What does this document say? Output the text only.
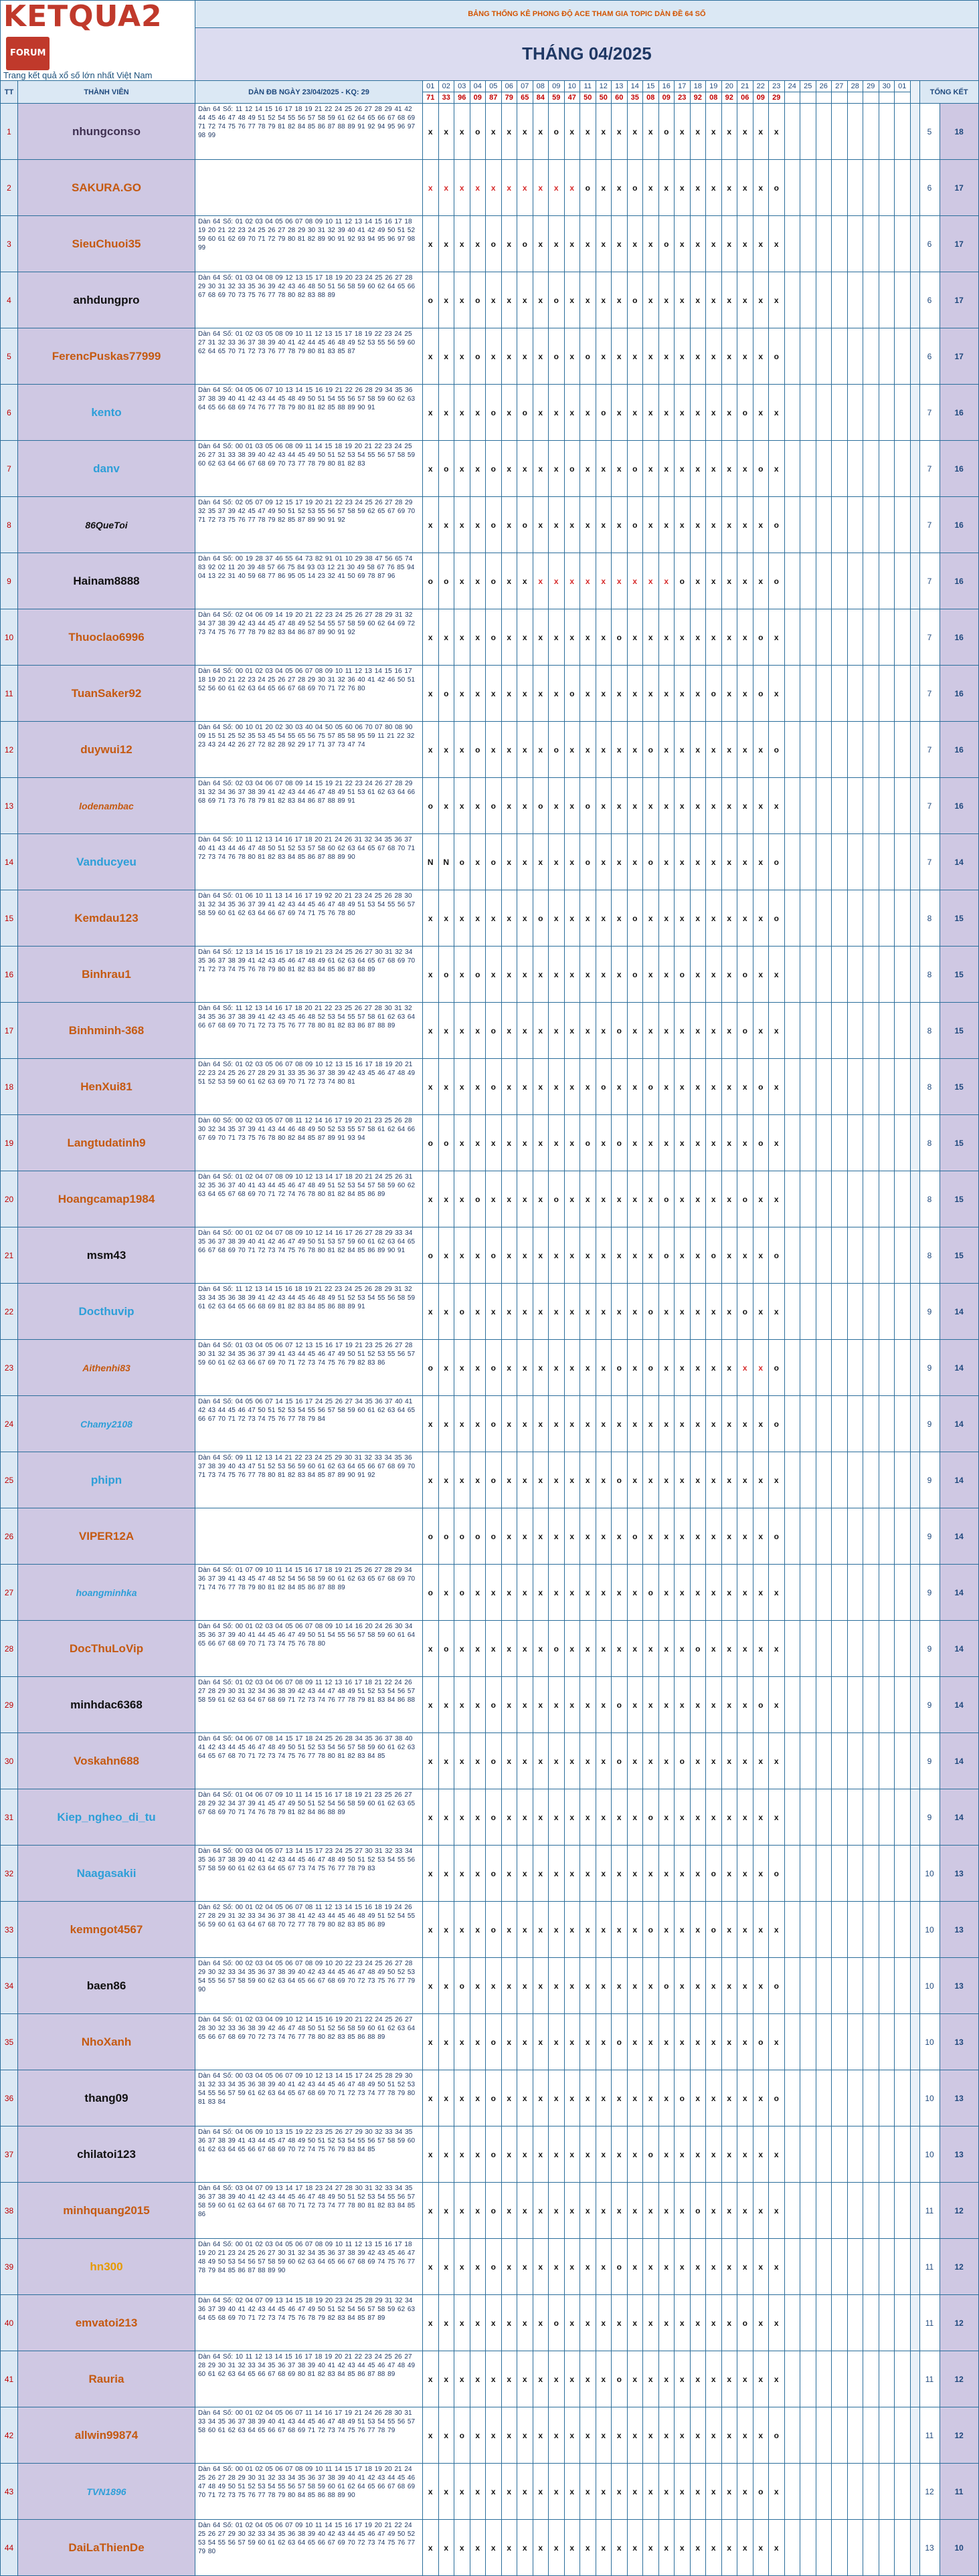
KETQUA2FORUM
Trang kết quả xổ số lớn nhất Việt Nam		BẢNG THỐNG KÊ PHONG ĐỘ ACE THAM GIA TOPIC DÀN ĐỀ 64 SỐ																																		
		THÁNG 04/2025																																		
TT	THÀNH VIÊN	DÀN ĐB NGÀY 23/04/2025 - KQ: 29	01	02	03	04	05	06	07	08	09	10	11	12	13	14	15	16	17	18	19	20	21	22	23	24	25	26	27	28	29	30	01		TỔNG KẾT	
			71	33	96	09	87	79	65	84	59	47	50	50	60	35	08	09	23	92	08	92	06	09	29											
1	nhungconso	Dàn 64 Số: 11 12 14 15 16 17 18 19 21 22 24 25 26 27 28 29 41 42 44 45 46 47 48 49 51 52 54 55 56 57 58 59 61 62 64 65 66 67 68 69 71 72 74 75 76 77 78 79 81 82 84 85 86 87 88 89 91 92 94 95 96 97 98 99	x	x	x	o	x	x	x	x	o	x	x	x	x	x	x	o	x	x	x	x	x	x	x										5	18
2	SAKURA.GO		x	x	x	x	x	x	x	x	x	x	o	x	x	o	x	x	x	x	x	x	x	x	o										6	17
3	SieuChuoi35	Dàn 64 Số: 01 02 03 04 05 06 07 08 09 10 11 12 13 14 15 16 17 18 19 20 21 22 23 24 25 26 27 28 29 30 31 32 39 40 41 42 49 50 51 52 59 60 61 62 69 70 71 72 79 80 81 82 89 90 91 92 93 94 95 96 97 98 99	x	x	x	x	o	x	o	x	x	x	x	x	x	x	x	o	x	x	x	x	x	x	x										6	17
4	anhdungpro	Dàn 64 Số: 01 03 04 08 09 12 13 15 17 18 19 20 23 24 25 26 27 28 29 30 31 32 33 35 36 39 42 43 46 48 50 51 56 58 59 60 62 64 65 66 67 68 69 70 73 75 76 77 78 80 82 83 88 89	o	x	x	o	x	x	x	x	o	x	x	x	x	o	x	x	x	x	x	x	x	x	x										6	17
5	FerencPuskas77999	Dàn 64 Số: 01 02 03 05 08 09 10 11 12 13 15 17 18 19 22 23 24 25 27 31 32 33 36 37 38 39 40 41 42 44 45 46 48 49 52 53 55 56 59 60 62 64 65 70 71 72 73 76 77 78 79 80 81 83 85 87	x	x	x	o	x	x	x	x	o	x	o	x	x	x	x	x	x	x	x	x	x	x	o										6	17
6	kento	Dàn 64 Số: 04 05 06 07 10 13 14 15 16 19 21 22 26 28 29 34 35 36 37 38 39 40 41 42 43 44 45 48 49 50 51 54 55 56 57 58 59 60 62 63 64 65 66 68 69 74 76 77 78 79 80 81 82 85 88 89 90 91	x	x	x	x	o	x	o	x	x	x	x	o	x	x	x	x	x	x	x	x	o	x	x										7	16
7	danv	Dàn 64 Số: 00 01 03 05 06 08 09 11 14 15 18 19 20 21 22 23 24 25 26 27 31 33 38 39 40 42 43 44 45 49 50 51 52 53 54 55 56 57 58 59 60 62 63 64 66 67 68 69 70 73 77 78 79 80 81 82 83	x	o	x	x	o	x	x	x	x	o	x	x	x	o	x	x	x	x	x	x	x	o	x										7	16
8	86QueToi	Dàn 64 Số: 02 05 07 09 12 15 17 19 20 21 22 23 24 25 26 27 28 29 32 35 37 39 42 45 47 49 50 51 52 53 55 56 57 58 59 62 65 67 69 70 71 72 73 75 76 77 78 79 82 85 87 89 90 91 92	x	x	x	x	o	x	o	x	x	x	x	x	x	o	x	x	x	x	x	x	x	x	o										7	16
9	Hainam8888	Dàn 64 Số: 00 19 28 37 46 55 64 73 82 91 01 10 29 38 47 56 65 74 83 92 02 11 20 39 48 57 66 75 84 93 03 12 21 30 49 58 67 76 85 94 04 13 22 31 40 59 68 77 86 95 05 14 23 32 41 50 69 78 87 96	o	o	x	x	o	x	x	x	x	x	x	x	x	x	x	x	o	x	x	x	x	x	o										7	16
10	Thuoclao6996	Dàn 64 Số: 02 04 06 09 14 19 20 21 22 23 24 25 26 27 28 29 31 32 34 37 38 39 42 43 44 45 47 48 49 52 54 55 57 58 59 60 62 64 69 72 73 74 75 76 77 78 79 82 83 84 86 87 89 90 91 92	x	x	x	x	o	x	x	x	x	x	x	x	o	x	x	x	x	x	x	x	x	o	x										7	16
11	TuanSaker92	Dàn 64 Số: 00 01 02 03 04 05 06 07 08 09 10 11 12 13 14 15 16 17 18 19 20 21 22 23 24 25 26 27 28 29 30 31 32 36 40 41 42 46 50 51 52 56 60 61 62 63 64 65 66 67 68 69 70 71 72 76 80	x	o	x	x	x	x	x	x	x	o	x	x	x	x	x	x	x	x	o	x	x	o	x										7	16
12	duywui12	Dàn 64 Số: 00 10 01 20 02 30 03 40 04 50 05 60 06 70 07 80 08 90 09 15 51 25 52 35 53 45 54 55 65 56 75 57 85 58 95 59 11 21 22 32 23 43 24 42 26 27 72 82 28 92 29 17 71 37 73 47 74	x	x	x	o	x	x	x	x	o	x	x	x	x	x	o	x	x	x	x	x	x	x	o										7	16
13	lodenambac	Dàn 64 Số: 02 03 04 06 07 08 09 14 15 19 21 22 23 24 26 27 28 29 31 32 34 36 37 38 39 41 42 43 44 46 47 48 49 51 53 61 62 63 64 66 68 69 71 73 76 78 79 81 82 83 84 86 87 88 89 91	o	x	x	x	o	x	x	o	x	x	o	x	x	x	x	x	x	x	x	x	x	x	x										7	16
14	Vanducyeu	Dàn 64 Số: 10 11 12 13 14 16 17 18 20 21 24 26 31 32 34 35 36 37 40 41 43 44 46 47 48 50 51 52 53 57 58 60 62 63 64 65 67 68 70 71 72 73 74 76 78 80 81 82 83 84 85 86 87 88 89 90	N	N	o	x	o	x	x	x	x	x	o	x	x	x	o	x	x	x	x	x	x	x	o										7	14
15	Kemdau123	Dàn 64 Số: 01 06 10 11 13 14 16 17 19 92 20 21 23 24 25 26 28 30 31 32 34 35 36 37 39 41 42 43 44 45 46 47 48 49 51 53 54 55 56 57 58 59 60 61 62 63 64 66 67 69 74 71 75 76 78 80	x	x	x	x	x	x	x	o	x	x	x	x	x	o	x	x	x	x	x	x	x	x	o										8	15
16	Binhrau1	Dàn 64 Số: 12 13 14 15 16 17 18 19 21 23 24 25 26 27 30 31 32 34 35 36 37 38 39 41 42 43 45 46 47 48 49 61 62 63 64 65 67 68 69 70 71 72 73 74 75 76 78 79 80 81 82 83 84 85 86 87 88 89	x	o	x	o	x	x	x	x	x	x	x	x	x	o	x	x	o	x	x	x	o	x	x										8	15
17	Binhminh-368	Dàn 64 Số: 11 12 13 14 16 17 18 20 21 22 23 25 26 27 28 30 31 32 34 35 36 37 38 39 41 42 43 45 46 48 52 53 54 55 57 58 61 62 63 64 66 67 68 69 70 71 72 73 75 76 77 78 80 81 82 83 86 87 88 89	x	x	x	x	o	x	x	x	x	x	x	x	o	x	x	x	x	x	x	x	o	x	x										8	15
18	HenXui81	Dàn 64 Số: 01 02 03 05 06 07 08 09 10 12 13 15 16 17 18 19 20 21 22 23 24 25 26 27 28 29 31 33 35 36 37 38 39 42 43 45 46 47 48 49 51 52 53 59 60 61 62 63 69 70 71 72 73 74 80 81	x	x	x	x	o	x	x	x	x	x	x	o	x	x	o	x	x	x	x	x	x	o	x										8	15
19	Langtudatinh9	Dàn 60 Số: 00 02 03 05 07 08 11 12 14 16 17 19 20 21 23 25 26 28 30 32 34 35 37 39 41 43 44 46 48 49 50 52 53 55 57 58 61 62 64 66 67 69 70 71 73 75 76 78 80 82 84 85 87 89 91 93 94	o	o	x	x	x	x	x	x	x	x	o	x	o	x	x	x	x	x	x	x	x	o	x										8	15
20	Hoangcamap1984	Dàn 64 Số: 01 02 04 07 08 09 10 12 13 14 17 18 20 21 24 25 26 31 32 35 36 37 40 41 43 44 45 46 47 48 49 51 52 53 54 57 58 59 60 62 63 64 65 67 68 69 70 71 72 74 76 78 80 81 82 84 85 86 89	x	x	x	o	x	x	x	x	o	x	x	x	x	x	x	o	x	x	x	x	o	x	x										8	15
21	msm43	Dàn 64 Số: 00 01 02 04 07 08 09 10 12 14 16 17 26 27 28 29 33 34 35 36 37 38 39 40 41 42 46 47 49 50 51 53 57 59 60 61 62 63 64 65 66 67 68 69 70 71 72 73 74 75 76 78 80 81 82 84 85 86 89 90 91	o	x	x	x	o	x	x	x	x	x	x	x	x	x	x	o	x	x	o	x	x	x	o										8	15
22	Docthuvip	Dàn 64 Số: 11 12 13 14 15 16 18 19 21 22 23 24 25 26 28 29 31 32 33 34 35 36 38 39 41 42 43 44 45 46 48 49 51 52 53 54 55 56 58 59 61 62 63 64 65 66 68 69 81 82 83 84 85 86 88 89 91	x	x	o	x	x	x	x	x	x	x	x	x	x	x	o	x	x	x	x	x	o	x	x										9	14
23	Aithenhi83	Dàn 64 Số: 01 03 04 05 06 07 12 13 15 16 17 19 21 23 25 26 27 28 30 31 32 34 35 36 37 39 41 43 44 45 46 47 49 50 51 52 53 55 56 57 59 60 61 62 63 66 67 69 70 71 72 73 74 75 76 79 82 83 86	o	x	x	x	o	x	x	x	x	x	x	x	o	x	o	x	x	x	x	x	x	x	o										9	14
24	Chamy2108	Dàn 64 Số: 04 05 06 07 14 15 16 17 24 25 26 27 34 35 36 37 40 41 42 43 44 45 46 47 50 51 52 53 54 55 56 57 58 59 60 61 62 63 64 65 66 67 70 71 72 73 74 75 76 77 78 79 84	x	x	x	x	o	x	x	x	x	x	x	x	x	x	x	x	x	x	x	x	x	x	o										9	14
25	phipn	Dàn 64 Số: 09 11 12 13 14 21 22 23 24 25 29 30 31 32 33 34 35 36 37 38 39 40 43 47 51 52 53 56 59 60 61 62 63 64 65 66 67 68 69 70 71 73 74 75 76 77 78 80 81 82 83 84 85 87 89 90 91 92	x	x	x	x	o	x	x	x	x	x	x	x	o	x	x	x	x	x	x	x	x	x	x										9	14
26	VIPER12A		o	o	o	o	o	x	x	x	x	x	x	x	x	o	x	x	x	x	x	x	x	x	o										9	14
27	hoangminhka	Dàn 64 Số: 01 07 09 10 11 14 15 16 17 18 19 21 25 26 27 28 29 34 36 37 39 41 43 45 47 48 52 54 56 58 59 60 61 62 63 65 67 68 69 70 71 74 76 77 78 79 80 81 82 84 85 86 87 88 89	o	x	o	x	x	x	x	x	x	x	x	x	x	x	o	x	x	x	x	x	x	x	x										9	14
28	DocThuLoVip	Dàn 64 Số: 00 01 02 03 04 05 06 07 08 09 10 14 16 20 24 26 30 34 35 36 37 39 40 41 44 45 46 47 49 50 51 54 55 56 57 58 59 60 61 64 65 66 67 68 69 70 71 73 74 75 76 78 80	x	o	x	x	x	x	x	x	o	x	x	x	x	x	x	x	x	o	x	x	x	x	x										9	14
29	minhdac6368	Dàn 64 Số: 01 02 03 04 06 07 08 09 11 12 13 16 17 18 21 22 24 26 27 28 29 30 31 32 34 36 38 39 42 43 44 47 48 49 51 52 53 54 56 57 58 59 61 62 63 64 67 68 69 71 72 73 74 76 77 78 79 81 83 84 86 88	x	x	x	x	o	x	x	x	x	x	x	x	o	x	x	x	x	x	x	x	x	o	x										9	14
30	Voskahn688	Dàn 64 Số: 04 06 07 08 14 15 17 18 24 25 26 28 34 35 36 37 38 40 41 42 43 44 45 46 47 48 49 50 51 52 53 54 56 57 58 59 60 61 62 63 64 65 67 68 70 71 72 73 74 75 76 77 78 80 81 82 83 84 85	x	x	x	x	o	x	x	x	x	x	x	x	o	x	x	x	o	x	x	x	x	x	x										9	14
31	Kiep_ngheo_di_tu	Dàn 64 Số: 01 04 06 07 09 10 11 14 15 16 17 18 19 21 23 25 26 27 28 29 32 34 37 39 41 45 47 49 50 51 52 54 56 58 59 60 61 62 63 65 67 68 69 70 71 74 76 78 79 81 82 84 86 88 89	x	x	x	x	o	x	x	x	x	x	x	x	x	x	o	x	x	x	x	x	x	x	x										9	14
32	Naagasakii	Dàn 64 Số: 00 03 04 05 07 13 14 15 17 23 24 25 27 30 31 32 33 34 35 36 37 38 39 40 41 42 43 44 45 46 47 48 49 50 51 52 53 54 55 56 57 58 59 60 61 62 63 64 65 67 73 74 75 76 77 78 79 83	x	x	x	x	o	x	x	x	x	x	x	x	x	x	x	x	x	x	o	x	x	x	o										10	13
33	kemngot4567	Dàn 62 Số: 00 01 02 04 05 06 07 08 11 12 13 14 15 16 18 19 24 26 27 28 29 31 32 33 34 36 37 38 41 42 43 44 45 46 48 49 51 52 54 55 56 59 60 61 63 64 67 68 70 72 77 78 79 80 82 83 85 86 89	x	x	x	x	o	x	x	x	x	x	x	x	x	x	o	x	x	x	o	x	x	x	x										10	13
34	baen86	Dàn 64 Số: 00 02 03 04 05 06 07 08 09 10 20 22 23 24 25 26 27 28 29 30 32 33 34 35 36 37 38 39 40 42 43 44 45 46 47 48 49 50 52 53 54 55 56 57 58 59 60 62 63 64 65 66 67 68 69 70 72 73 75 76 77 79 90	x	x	o	x	x	x	x	x	x	x	x	x	x	x	x	o	x	x	x	x	x	x	o										10	13
35	NhoXanh	Dàn 64 Số: 01 02 03 04 09 10 12 14 15 16 19 20 21 22 24 25 26 27 28 30 32 33 36 38 39 42 46 47 48 50 51 52 56 58 59 60 61 62 63 64 65 66 67 68 69 70 72 73 74 76 77 78 80 82 83 85 86 88 89	x	x	x	x	o	x	x	x	x	x	x	x	o	x	x	x	x	x	x	x	x	o	x										10	13
36	thang09	Dàn 64 Số: 00 03 04 05 06 07 09 10 12 13 14 15 17 24 25 28 29 30 31 32 33 34 35 36 38 39 40 41 42 43 44 45 46 47 48 49 50 51 52 53 54 55 56 57 59 61 62 63 64 65 67 68 69 70 71 72 73 74 77 78 79 80 81 83 84	x	x	x	x	o	x	x	x	x	x	x	x	x	x	x	x	o	x	x	x	x	x	o										10	13
37	chilatoi123	Dàn 64 Số: 04 06 09 10 13 15 19 22 23 25 26 27 29 30 32 33 34 35 36 37 38 39 41 43 44 45 47 48 49 50 51 52 53 54 55 56 57 58 59 60 61 62 63 64 65 66 67 68 69 70 72 74 75 76 79 83 84 85	x	x	x	x	o	x	x	x	x	x	x	x	x	x	o	x	x	x	x	x	x	x	x										10	13
38	minhquang2015	Dàn 64 Số: 03 04 07 09 13 14 17 18 23 24 27 28 30 31 32 33 34 35 36 37 38 39 40 41 42 43 44 45 46 47 48 49 50 51 52 53 54 55 56 57 58 59 60 61 62 63 64 67 68 70 71 72 73 74 77 78 80 81 82 83 84 85 86	x	x	x	x	o	x	x	x	x	x	x	x	x	x	x	x	x	o	x	x	x	x	x										11	12
39	hn300	Dàn 64 Số: 00 01 02 03 04 05 06 07 08 09 10 11 12 13 15 16 17 18 19 20 21 23 24 25 26 27 30 31 32 34 35 36 37 38 39 42 43 45 46 47 48 49 50 53 54 56 57 58 59 60 62 63 64 65 66 67 68 69 74 75 76 77 78 79 84 85 86 87 88 89 90	x	x	x	x	o	x	x	x	x	x	x	x	o	x	x	x	x	x	x	x	x	x	x										11	12
40	emvatoi213	Dàn 64 Số: 02 04 07 09 13 14 15 18 19 20 23 24 25 28 29 31 32 34 36 37 39 40 41 42 43 44 45 46 47 49 50 51 52 54 56 57 58 59 62 63 64 65 68 69 70 71 72 73 74 75 76 78 79 82 83 84 85 87 89	x	x	x	x	x	x	x	x	o	x	x	x	x	x	x	x	x	x	x	x	o	x	x										11	12
41	Rauria	Dàn 64 Số: 10 11 12 13 14 15 16 17 18 19 20 21 22 23 24 25 26 27 28 29 30 31 32 33 34 35 36 37 38 39 40 41 42 43 44 45 46 47 48 49 60 61 62 63 64 65 66 67 68 69 80 81 82 83 84 85 86 87 88 89	x	x	x	x	x	x	x	x	x	x	x	x	o	x	x	x	x	x	x	x	x	x	x										11	12
42	allwin99874	Dàn 64 Số: 00 01 02 04 05 06 07 11 14 16 17 19 21 24 26 28 30 31 33 34 35 36 37 38 39 40 41 43 44 45 46 47 48 49 51 53 54 55 56 57 58 60 61 62 63 64 65 66 67 68 69 71 72 73 74 75 76 77 78 79	x	x	o	x	x	x	x	x	x	x	x	x	x	x	x	x	x	x	x	x	x	x	o										11	12
43	TVN1896	Dàn 64 Số: 00 01 02 05 06 07 08 09 10 11 14 15 17 18 19 20 21 24 25 26 27 28 29 30 31 32 33 34 35 36 37 38 39 40 41 42 43 44 45 46 47 48 49 50 51 52 53 54 55 56 57 58 59 60 61 62 64 65 66 67 68 69 70 71 72 73 75 76 77 78 79 80 84 85 86 88 89 90	x	x	x	x	x	x	x	x	x	x	x	x	x	x	x	x	x	x	x	x	x	o	x										12	11
44	DaiLaThienDe	Dàn 64 Số: 01 02 04 05 06 07 09 10 11 14 15 16 17 19 20 21 22 24 25 26 27 29 30 32 33 34 35 36 38 39 40 42 43 44 45 46 47 49 50 52 53 54 55 56 57 59 60 61 62 63 64 65 66 67 69 70 72 73 74 75 76 77 79 80	x	x	x	x	x	x	x	x	x	x	x	x	x	x	x	x	x	x	x	x	x	x	x										13	10
